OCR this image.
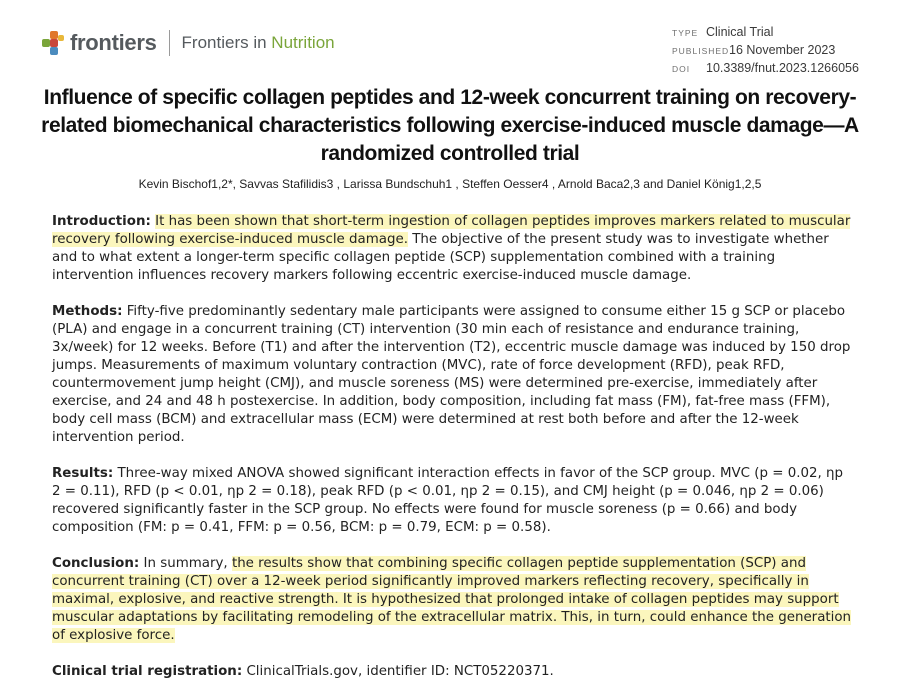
frontiers Frontiers in Nutrition	TYPE Clinical Trial
PUBLISHED16 November 2023
DOI 10.3389/fnut.2023.1266056
Influence of specific collagen peptides and 12-week concurrent training on recovery-related biomechanical characteristics following exercise-induced muscle damage—A randomized controlled trial
Kevin Bischof1,2*, Savvas Stafilidis3 , Larissa Bundschuh1 , Steffen Oesser4 , Arnold Baca2,3 and Daniel König1,2,5

Introduction: It has been shown that short-term ingestion of collagen peptides improves markers related to muscular recovery following exercise-induced muscle damage. The objective of the present study was to investigate whether and to what extent a longer-term specific collagen peptide (SCP) supplementation combined with a training intervention influences recovery markers following eccentric exercise-induced muscle damage.

Methods: Fifty-five predominantly sedentary male participants were assigned to consume either 15 g SCP or placebo (PLA) and engage in a concurrent training (CT) intervention (30 min each of resistance and endurance training, 3x/week) for 12 weeks. Before (T1) and after the intervention (T2), eccentric muscle damage was induced by 150 drop jumps. Measurements of maximum voluntary contraction (MVC), rate of force development (RFD), peak RFD, countermovement jump height (CMJ), and muscle soreness (MS) were determined pre-exercise, immediately after exercise, and 24 and 48 h postexercise. In addition, body composition, including fat mass (FM), fat-free mass (FFM), body cell mass (BCM) and extracellular mass (ECM) were determined at rest both before and after the 12-week intervention period.

Results: Three-way mixed ANOVA showed significant interaction effects in favor of the SCP group. MVC (p = 0.02, ηp 2 = 0.11), RFD (p < 0.01, ηp 2 = 0.18), peak RFD (p < 0.01, ηp 2 = 0.15), and CMJ height (p = 0.046, ηp 2 = 0.06) recovered significantly faster in the SCP group. No effects were found for muscle soreness (p = 0.66) and body composition (FM: p = 0.41, FFM: p = 0.56, BCM: p = 0.79, ECM: p = 0.58).

Conclusion: In summary, the results show that combining specific collagen peptide supplementation (SCP) and concurrent training (CT) over a 12-week period significantly improved markers reflecting recovery, specifically in maximal, explosive, and reactive strength. It is hypothesized that prolonged intake of collagen peptides may support muscular adaptations by facilitating remodeling of the extracellular matrix. This, in turn, could enhance the generation of explosive force.

Clinical trial registration: ClinicalTrials.gov, identifier ID: NCT05220371.
